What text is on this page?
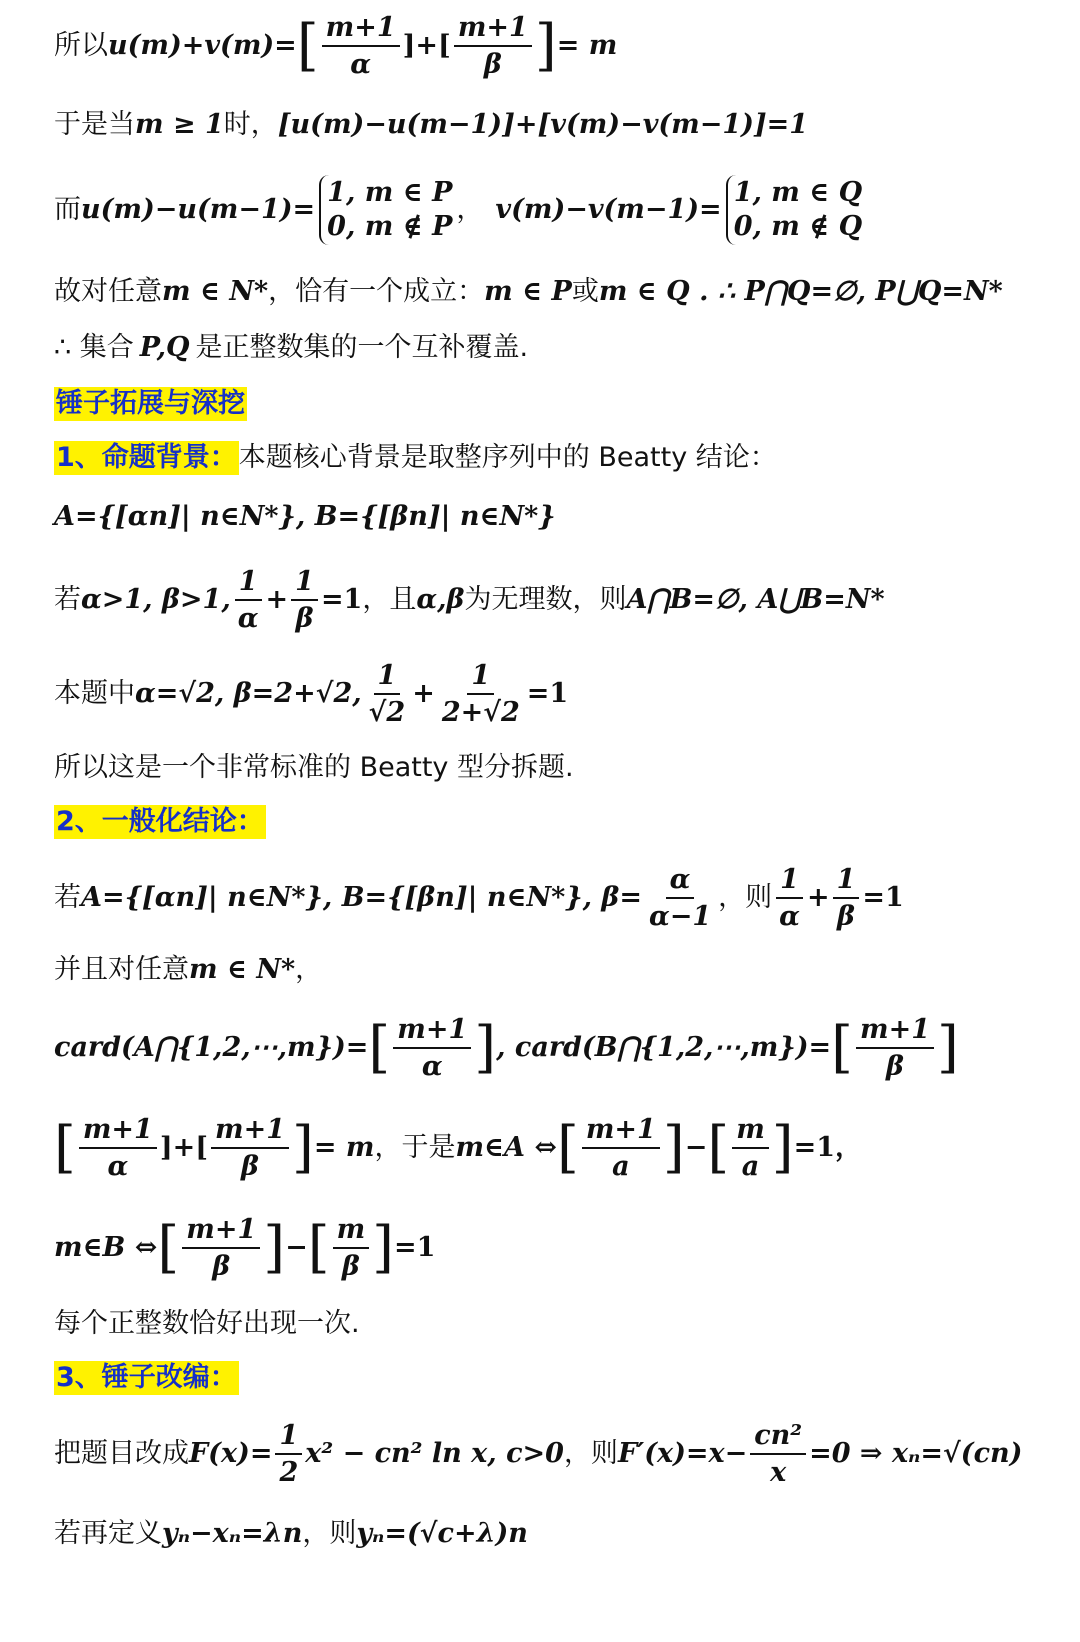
所以 u(m)+v(m)= [ $\frac{m+1}{\alpha}$ ]+[ $\frac{m+1}{\beta}$ ] = m
于是当 m ≥ 1 时， [u(m)−u(m−1)]+[v(m)−v(m−1)]=1
而 u(m)−u(m−1)=
1, m ∈ P
0, m ∉ P
， v(m)−v(m−1)=
1, m ∈ Q
0, m ∉ Q
故对任意 m ∈ N* ，恰有一个成立： m ∈ P 或 m ∈ Q . ∴ P⋂Q=∅, P⋃Q=N*
∴ 集合 P,Q 是正整数集的一个互补覆盖.
锤子拓展与深挖
1、命题背景： 本题核心背景是取整序列中的 Beatty 结论：
A={[αn]| n∈N*}, B={[βn]| n∈N*}
若 α>1, β>1, $\frac{1}{\alpha} + \frac{1}{\beta} =1$ ，且 α,β 为无理数，则 A⋂B=∅, A⋃B=N*
本题中 α=√2, β=2+√2, $\frac{1}{√2} + \frac{1}{2+√2} =1$
所以这是一个非常标准的 Beatty 型分拆题.
2、一般化结论：
若 A={[αn]| n∈N*}, B={[βn]| n∈N*}, $\beta= \frac{\alpha}{\alpha-1}$ ，则 $\frac{1}{\alpha} + \frac{1}{\beta} =1$
并且对任意 m ∈ N* ，
card(A⋂{1,2,⋯,m})= [ $\frac{m+1}{\alpha}$ ] , card(B⋂{1,2,⋯,m})= [ $\frac{m+1}{\beta}$ ]
[ $\frac{m+1}{\alpha}$ ]+[ $\frac{m+1}{\beta}$ ] = m ，于是 m∈A ⇔ [ $\frac{m+1}{a}$ ] − [ $\frac{m}{a}$ ] =1，
m∈B ⇔ [ $\frac{m+1}{\beta}$ ] − [ $\frac{m}{\beta}$ ] =1
每个正整数恰好出现一次.
3、锤子改编：
把题目改成 $F(x)= \frac{1}{2} x^2 - cn^2$ ln x, c>0 ，则 $F'(x)=x- \frac{\text{cn²}}{x} =0$ ⇒ xₙ=√(cn)
若再定义 yₙ−xₙ=λn ，则 yₙ=(√c+λ)n
